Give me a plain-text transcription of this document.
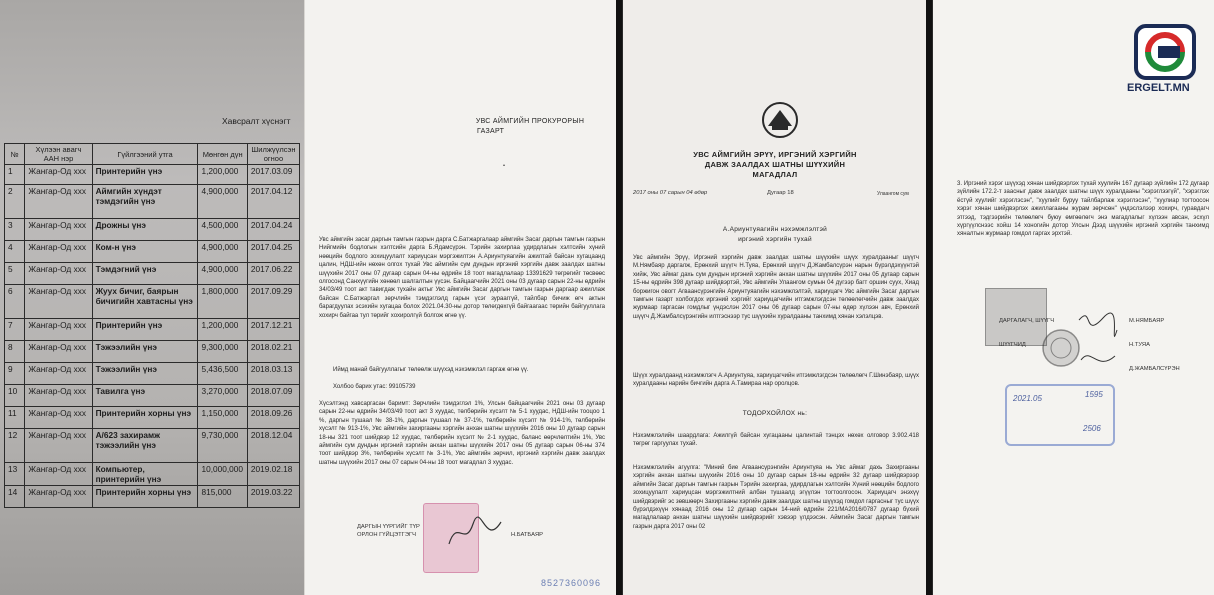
Хавсралт хүснэгт
№	Хүлээн авагч ААН нэр	Гүйлгээний утга	Мөнгөн дүн	Шилжүүлсэн огноо
1	Жангар-Од ххх	Принтерийн үнэ	1,200,000	2017.03.09
2	Жангар-Од ххх	Аймгийн хүндэт тэмдэгийн үнэ	4,900,000	2017.04.12
3	Жангар-Од ххх	Дрожны үнэ	4,500,000	2017.04.24
4	Жангар-Од ххх	Ком-н үнэ	4,900,000	2017.04.25
5	Жангар-Од ххх	Тэмдэгний үнэ	4,900,000	2017.06.22
6	Жангар-Од ххх	Жуух бичиг, баярын бичигийн хавтасны үнэ	1,800,000	2017.09.29
7	Жангар-Од ххх	Принтерийн үнэ	1,200,000	2017.12.21
8	Жангар-Од ххх	Тэжээлийн үнэ	9,300,000	2018.02.21
9	Жангар-Од ххх	Тэжээлийн үнэ	5,436,500	2018.03.13
10	Жангар-Од ххх	Тавилга үнэ	3,270,000	2018.07.09
11	Жангар-Од ххх	Принтерийн хорны үнэ	1,150,000	2018.09.26
12	Жангар-Од ххх	А/623 захирамж тэжээлийн үнэ	9,730,000	2018.12.04
13	Жангар-Од ххх	Компьютер, принтерийн үнэ	10,000,000	2019.02.18
14	Жангар-Од ххх	Принтерийн хорны үнэ	815,000	2019.03.22
УВС АЙМГИЙН ПРОКУРОРЫН
ГАЗАРТ
•
Увс аймгийн засаг даргын тамгын газрын дарга С.Батжаргалаар аймгийн Засаг даргын тамгын газрын Нийгмийн бодлогын хэлтсийн дарга Б.Ядамсүрэн. Тэрийн захирлаа удирдлагын хэлтсийн хүний нөөцийн бодлого зохицуулалт хариуцсан мэргэжилтэн А.Ариунтуяагийн ажилтай байсан хугацаанд цалин, НДШ-ийн нөхөн олгох тухай Увс аймгийн сум дундын иргэний хэргийн давж заалдах шатны шүүхийн 2017 оны 07 дугаар сарын 04-ны өдрийн 18 тоот магадлалаар 13391629 төгрөгийг төсвөөс олгосонд Санхүүгийн хөнөөл шалгалтын үүсэн. Байцаагчийн 2021 оны 03 дугаар сарын 22-ны өдрийн 34/03/49 тоот акт тавигдаж тухайн актыг Увс аймгийн Засаг даргын тамгын газрын даргаар ажиллаж байсан С.Батжаргал зөрчлийн тэмдэглэлд гарын үсэг зурааггүй, тайлбар бичиж өгч актын барагдуулах эсэхийн хугацаа болох 2021.04.30-ны дотор төлөгдөхгүй байгаагаас төрийн байгууллага хохирч байгаа тул төрийг хохиролгүй болгож өгнө үү.
Иймд манай байгууллагыг төлөөлж шүүхэд нэхэмжлэл гаргаж өгнө үү.
Холбоо барих утас: 99105739
Хүсэлтэнд хавсаргасан баримт: Зөрчлийн тэмдэглэл 1%, Улсын байцаагчийн 2021 оны 03 дугаар сарын 22-ны өдрийн 34/03/49 тоот акт 3 хуудас, төлбөрийн хүсэлт № 5-1 хуудас, НДШ-ийн тооцоо 1 %, даргын тушаал № 38-1%, даргын тушаал № 37-1%, төлбөрийн хүсэлт № 914-1%, төлбөрийн хүсэлт № 913-1%, Увс аймгийн захиргааны хэргийн анхан шатны шүүхийн 2016 оны 10 дугаар сарын 18-ны 321 тоот шийдвэр 12 хуудас, төлбөрийн хүсэлт № 2-1 хуудас, баланс өөрчлөлтийн 1%, Увс аймгийн сум дундын иргэний хэргийн анхан шатны шүүхийн 2017 оны 05 дугаар сарын 06-ны 374 тоот шийдвэр 3%, төлбөрийн хүсэлт № 3-1%, Увс аймгийн зөрчил, иргэний хэргийн давж заалдах шатны шүүхийн 2017 оны 07 сарын 04-ны 18 тоот магадлал 3 хуудас.
ДАРГЫН ҮҮРГИЙГ ТҮР
ОРЛОН ГҮЙЦЭТГЭГЧ	Н.БАТБАЯР
8527360096
УВС АЙМГИЙН ЭРҮҮ, ИРГЭНИЙ ХЭРГИЙН
ДАВЖ ЗААЛДАХ ШАТНЫ ШҮҮХИЙН
МАГАДЛАЛ
2017 оны 07 сарын 04 өдөр	Дугаар 18	Улаангом сум
А.Ариунтуяагийн нэхэмжлэлтэй
иргэний хэргийн тухай
Увс аймгийн Эрүү, Иргэний хэргийн давж заалдах шатны шүүхийн шүүх хуралдааныг шүүгч М.Нямбаяр даргалж, Ерөнхий шүүгч Н.Туяа, Ерөнхий шүүгч Д.Жамбалсүрэн нарын бүрэлдэхүүнтэй хийж, Увс аймаг дахь сум дундын иргэний хэргийн анхан шатны шүүхийн 2017 оны 05 дугаар сарын 15-ны өдрийн 398 дугаар шийдвэртэй, Увс аймгийн Улаангом сумын 04 дүгээр багт оршин суух, Хиад боржигон овогт Агваансүрэнгийн Ариунтуяагийн нэхэмжлэлтэй, хариуцагч Увс аймгийн Засаг даргын тамгын газарт холбогдох иргэний хэргийг хариуцагчийн итгэмжлэгдсэн төлөөлөгчийн давж заалдах журмаар гаргасан гомдлыг үндэслэн 2017 оны 06 дугаар сарын 07-ны өдөр хүлээн авч, Ерөнхий шүүгч Д.Жамбалсүрэнгийн илтгэснээр тус шүүхийн хуралдааны танхимд хянан хэлэлцэв.
Шүүх хуралдаанд нэхэмжлэгч А.Ариунтуяа, хариуцагчийн итгэмжлэгдсэн төлөөлөгч Г.Шинэбаяр, шүүх хуралдааны нарийн бичгийн дарга А.Тамираа нар оролцов.
ТОДОРХОЙЛОХ нь:
Нэхэмжлэлийн шаардлага: Ажилгүй байсан хугацааны цалинтай тэнцэх нөхөх олговор 3.902.418 төгрөг гаргуулах тухай.
Нэхэмжлэлийн агуулга: "Миний бие Агваансүрэнгийн Ариунтуяа нь Увс аймаг дахь Захиргааны хэргийн анхан шатны шүүхийн 2016 оны 10 дугаар сарын 18-ны өдрийн 32 дугаар шийдвэрээр аймгийн Засаг даргын тамгын газрын Тэрийн захиргаа, удирдлагын хэлтсийн Хүний нөөцийн бодлого зохицуулалт хариуцсан мэргэжилтний албан тушаалд эгүүлэн тогтоолгосон. Хариуцагч энэхүү шийдвэрийг эс зөвшөөрч Захиргааны хэргийн давж заалдах шатны шүүхэд гомдол гаргасныг тус шүүх бүрэлдэхүүн хянаад 2016 оны 12 дугаар сарын 14-ний өдрийн 221/МА2016/0787 дугаар бүхий магадлалаар анхан шатны шүүхийн шийдвэрийг хэвээр үлдээсэн. Аймгийн Засаг даргын тамгын газрын дарга 2017 оны 02
3. Иргэний хэрэг шүүхэд хянан шийдвэрлэх тухай хуулийн 167 дугаар зүйлийн 172 дугаар зүйлийн 172.2-т заасныг давж заалдах шатны шүүх хуралдааны "хэрэглээгүй", "хэрэглэх ёстүй хуулийг хэрэглэсэн", "хуулийг буруу тайлбарлаж хэрэглэсэн", "хуулиар тогтоосон хэрэг хянан шийдвэрлэх ажиллагааны журам зөрчсөн" үндэслэлээр хохирч, гуравдагч этгээд, тэдгээрийн төлөөлөгч буюу өмгөөлөгч энэ магадлалыг хүлээн авсан, эсхүл хүргүүлснээс хойш 14 хоногийн дотор Улсын Дээд шүүхийн иргэний хэргийн танхимд хяналтын журмаар гомдол гаргах эрхтэй.
ДАРГАЛАГЧ, ШҮҮГЧ	М.НЯМБАЯР
ШҮҮГЧИД	Н.ТУЯА
Д.ЖАМБАЛСҮРЭН
2021.05	1595
2506
ERGELT.MN
